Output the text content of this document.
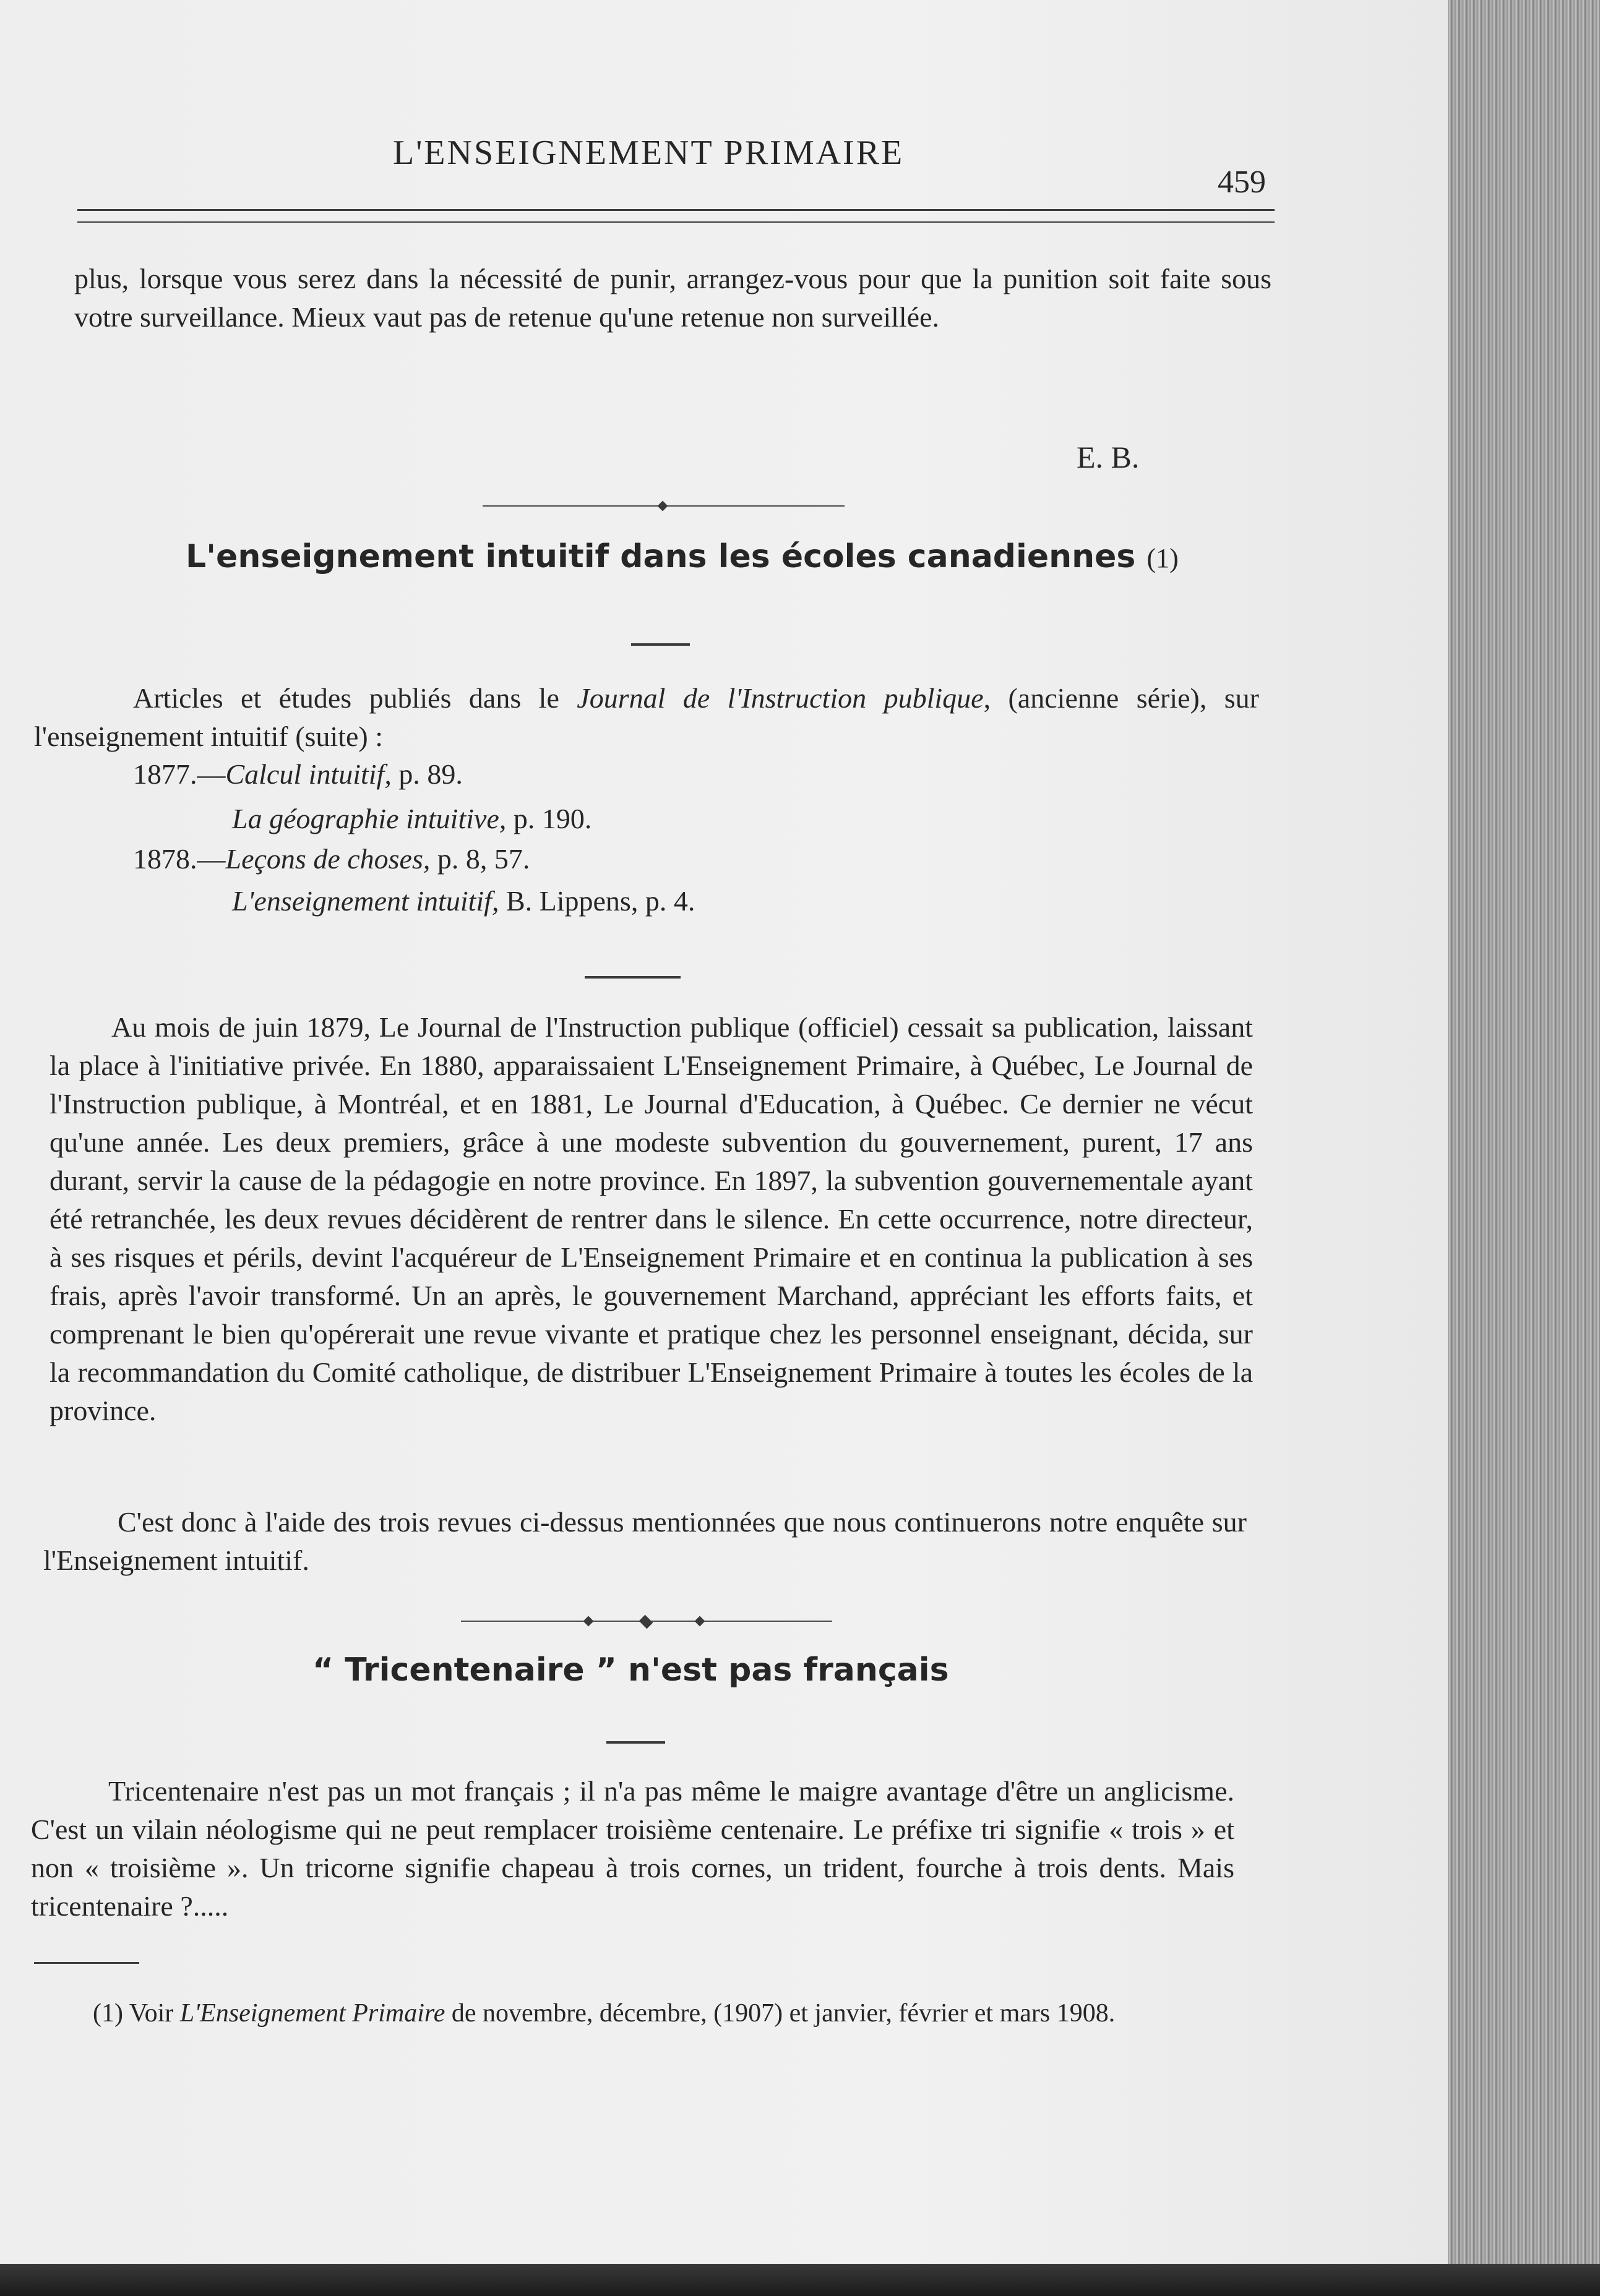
L'ENSEIGNEMENT PRIMAIRE
459
plus, lorsque vous serez dans la nécessité de punir, arrangez-vous pour que la punition soit faite sous votre surveillance. Mieux vaut pas de retenue qu'une retenue non surveillée.
E. B.
L'enseignement intuitif dans les écoles canadiennes (1)
Articles et études publiés dans le Journal de l'Instruction publique, (ancienne série), sur l'enseignement intuitif (suite) :
1877.—Calcul intuitif, p. 89.
La géographie intuitive, p. 190.
1878.—Leçons de choses, p. 8, 57.
L'enseignement intuitif, B. Lippens, p. 4.
Au mois de juin 1879, Le Journal de l'Instruction publique (officiel) cessait sa publication, laissant la place à l'initiative privée. En 1880, apparaissaient L'Enseignement Primaire, à Québec, Le Journal de l'Instruction publique, à Montréal, et en 1881, Le Journal d'Education, à Québec. Ce dernier ne vécut qu'une année. Les deux premiers, grâce à une modeste subvention du gouvernement, purent, 17 ans durant, servir la cause de la pédagogie en notre province. En 1897, la subvention gouvernementale ayant été retranchée, les deux revues décidèrent de rentrer dans le silence. En cette occurrence, notre directeur, à ses risques et périls, devint l'acquéreur de L'Enseignement Primaire et en continua la publication à ses frais, après l'avoir transformé. Un an après, le gouvernement Marchand, appréciant les efforts faits, et comprenant le bien qu'opérerait une revue vivante et pratique chez les personnel enseignant, décida, sur la recommandation du Comité catholique, de distribuer L'Enseignement Primaire à toutes les écoles de la province.
C'est donc à l'aide des trois revues ci-dessus mentionnées que nous continuerons notre enquête sur l'Enseignement intuitif.
“ Tricentenaire ” n'est pas français
Tricentenaire n'est pas un mot français ; il n'a pas même le maigre avantage d'être un anglicisme. C'est un vilain néologisme qui ne peut remplacer troisième centenaire. Le préfixe tri signifie « trois » et non « troisième ». Un tricorne signifie chapeau à trois cornes, un trident, fourche à trois dents. Mais tricentenaire ?.....
(1) Voir L'Enseignement Primaire de novembre, décembre, (1907) et janvier, février et mars 1908.
